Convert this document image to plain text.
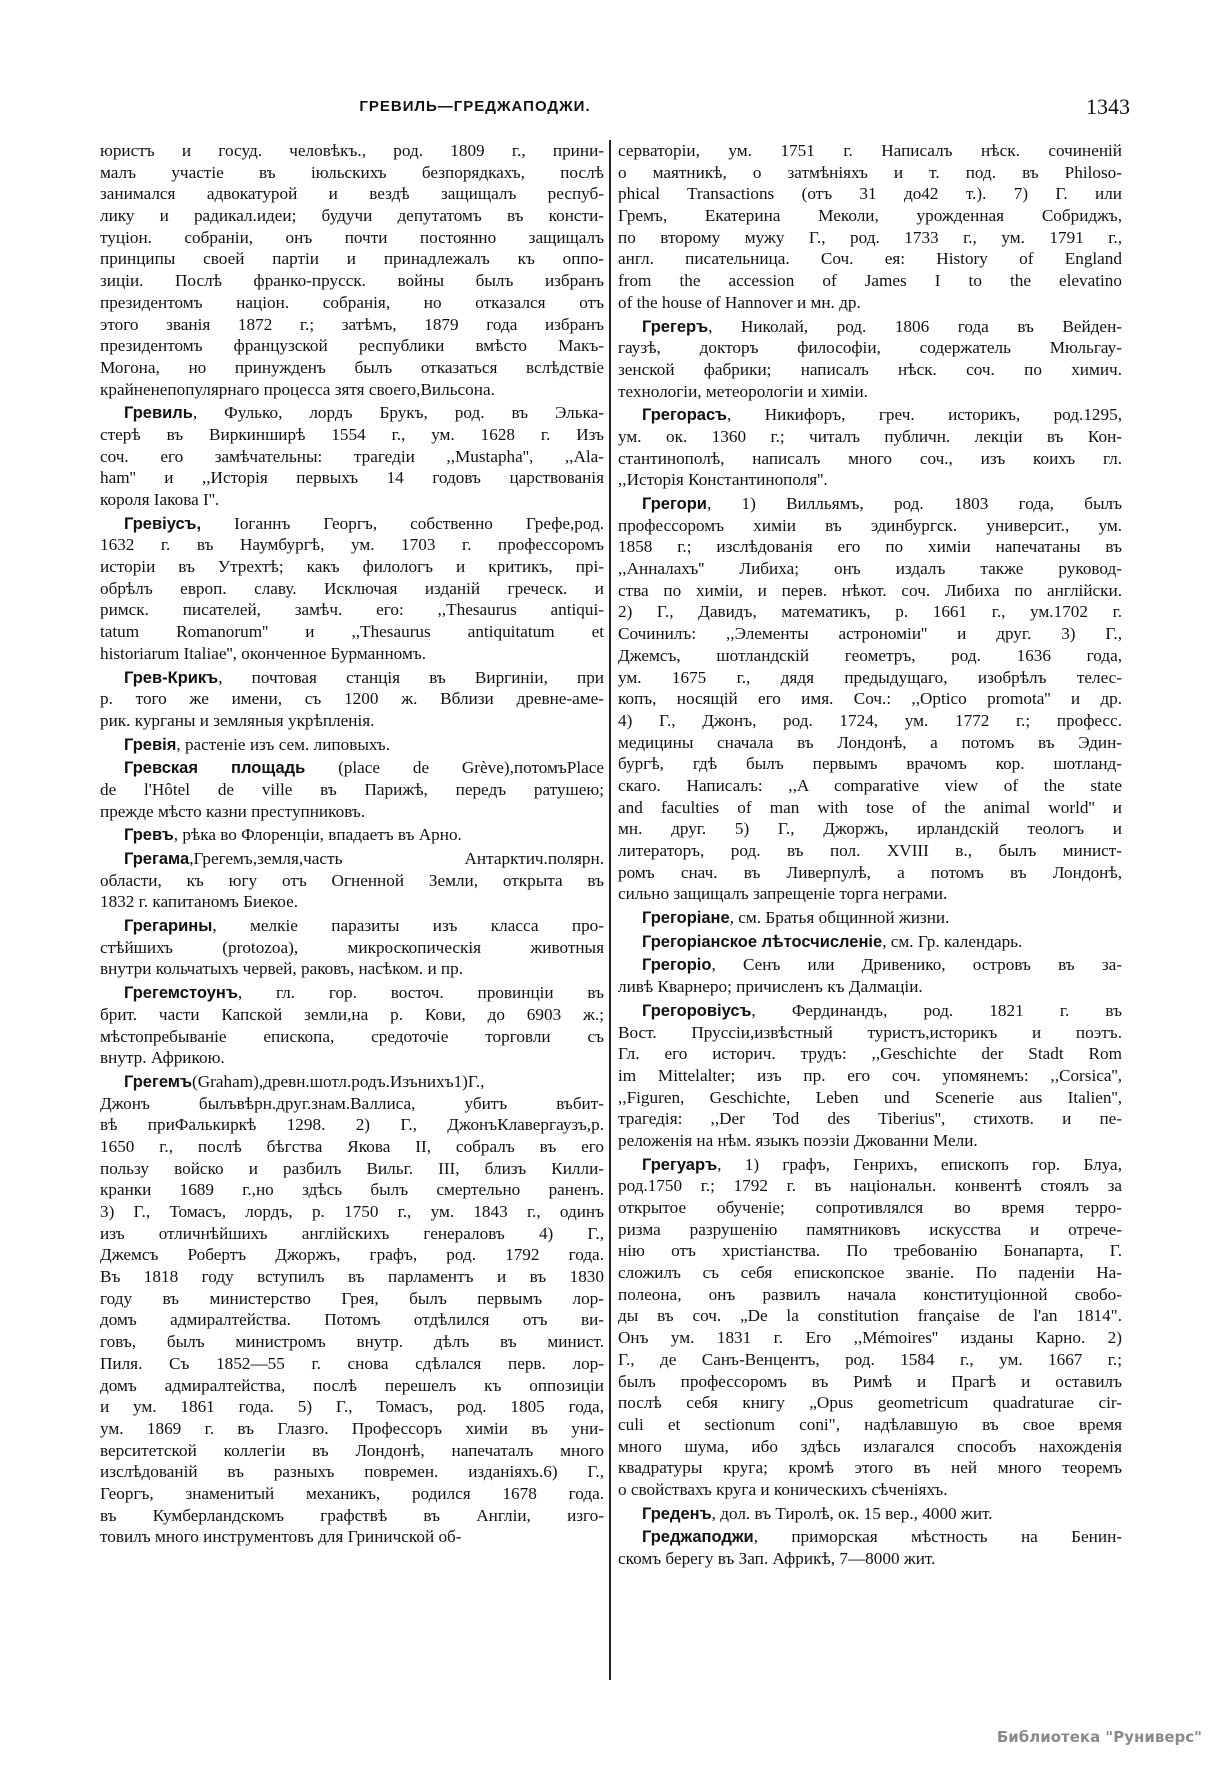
ГРЕВИЛЬ—ГРЕДЖАПОДЖИ.	1343
юристъ и госуд. человѣкъ., род. 1809 г., прини-
малъ участіе въ іюльскихъ безпорядкахъ, послѣ
занимался адвокатурой и вездѣ защищалъ респуб-
лику и радикал.идеи; будучи депутатомъ въ консти-
туціон. собраніи, онъ почти постоянно защищалъ
принципы своей партіи и принадлежалъ къ оппо-
зиціи. Послѣ франко-прусск. войны былъ избранъ
президентомъ націон. собранія, но отказался отъ
этого званія 1872 г.; затѣмъ, 1879 года избранъ
президентомъ французской республики вмѣсто Макъ-
Могона, но принужденъ былъ отказаться вслѣдствіе
крайненепопулярнаго процесса зятя своего,Вильсона.
Гревиль, Фулько, лордъ Брукъ, род. въ Элька-
стерѣ въ Виркинширѣ 1554 г., ум. 1628 г. Изъ
соч. его замѣчательны: трагедіи ,,Mustapha'', ,,Ala-
ham'' и ,,Исторія первыхъ 14 годовъ царствованія
короля Іакова I''.
Гревіусъ, Іоганнъ Георгъ, собственно Грефе,род.
1632 г. въ Наумбургѣ, ум. 1703 г. профессоромъ
исторіи въ Утрехтѣ; какъ филологъ и критикъ, прі-
обрѣлъ европ. славу. Исключая изданій греческ. и
римск. писателей, замѣч. его: ,,Thesaurus antiqui-
tatum Romanorum'' и ,,Thesaurus antiquitatum et
historiarum Italiae'', оконченное Бурманномъ.
Грев-Крикъ, почтовая станція въ Виргиніи, при
р. того же имени, съ 1200 ж. Вблизи древне-аме-
рик. курганы и земляныя укрѣпленія.
Гревія, растеніе изъ сем. липовыхъ.
Гревская площадь (place de Grève),потомъPlace
de l'Hôtel de ville въ Парижѣ, передъ ратушею;
прежде мѣсто казни преступниковъ.
Гревъ, рѣка во Флоренціи, впадаетъ въ Арно.
Грегама,Грегемъ,земля,часть Антарктич.полярн.
области, къ югу отъ Огненной Земли, открыта въ
1832 г. капитаномъ Биекое.
Грегарины, мелкіе паразиты изъ класса про-
стѣйшихъ (protozoa), микроскопическія животныя
внутри кольчатыхъ червей, раковъ, насѣком. и пр.
Грегемстоунъ, гл. гор. восточ. провинціи въ
брит. части Капской земли,на р. Кови, до 6903 ж.;
мѣстопребываніе епископа, средоточіе торговли съ
внутр. Африкою.
Грегемъ(Graham),древн.шотл.родъ.Изъниxъ1)Г.,
Джонъ былъвѣрн.друг.знам.Валлиса, убитъ въбит-
вѣ приФалькиркѣ 1298. 2) Г., ДжонъКлавергаузъ,р.
1650 г., послѣ бѣгства Якова II, собралъ въ его
пользу войско и разбилъ Вильг. III, близъ Килли-
кранки 1689 г.,но здѣсь былъ смертельно раненъ.
3) Г., Томасъ, лордъ, р. 1750 г., ум. 1843 г., одинъ
изъ отличнѣйшихъ англійскихъ генераловъ 4) Г.,
Джемсъ Робертъ Джоржъ, графъ, род. 1792 года.
Въ 1818 году вступилъ въ парламентъ и въ 1830
году въ министерство Грея, былъ первымъ лор-
домъ адмиралтейства. Потомъ отдѣлился отъ ви-
говъ, былъ министромъ внутр. дѣлъ въ минист.
Пиля. Съ 1852—55 г. снова сдѣлался перв. лор-
домъ адмиралтейства, послѣ перешелъ къ оппозиціи
и ум. 1861 года. 5) Г., Томасъ, род. 1805 года,
ум. 1869 г. въ Глазго. Профессоръ химіи въ уни-
верситетской коллегіи въ Лондонѣ, напечаталъ много
изслѣдованій въ разныхъ повремен. изданіяхъ.6) Г.,
Георгъ, знаменитый механикъ, родился 1678 года.
въ Кумберландскомъ графствѣ въ Англіи, изго-
товилъ много инструментовъ для Гриничской об-
серваторіи, ум. 1751 г. Написалъ нѣск. сочиненій
о маятникѣ, о затмѣніяхъ и т. под. въ Philoso-
phical Transactions (отъ 31 до42 т.). 7) Г. или
Гремъ, Екатерина Меколи, урожденная Собриджъ,
по второму мужу Г., род. 1733 г., ум. 1791 г.,
англ. писательница. Соч. ея: History of England
from the accession of James I to the elevatino
of the house of Hannover и мн. др.
Грегеръ, Николай, род. 1806 года въ Вейден-
гаузѣ, докторъ философіи, содержатель Мюльгау-
зенской фабрики; написалъ нѣск. соч. по химич.
технологіи, метеорологіи и химіи.
Грегорасъ, Никифоръ, греч. историкъ, род.1295,
ум. ок. 1360 г.; читалъ публичн. лекціи въ Кон-
стантинополѣ, написалъ много соч., изъ коихъ гл.
,,Исторія Константинополя''.
Грегори, 1) Вилльямъ, род. 1803 года, былъ
профессоромъ химіи въ эдинбургск. университ., ум.
1858 г.; изслѣдованія его по химіи напечатаны въ
,,Анналахъ'' Либиха; онъ издалъ также руковод-
ства по химіи, и перев. нѣкот. соч. Либиха по англійски.
2) Г., Давидъ, математикъ, р. 1661 г., ум.1702 г.
Сочинилъ: ,,Элементы астрономіи'' и друг. 3) Г.,
Джемсъ, шотландскій геометръ, род. 1636 года,
ум. 1675 г., дядя предыдущаго, изобрѣлъ телес-
копъ, носящій его имя. Соч.: ,,Optico promota'' и др.
4) Г., Джонъ, род. 1724, ум. 1772 г.; професс.
медицины сначала въ Лондонѣ, а потомъ въ Эдин-
бургѣ, гдѣ былъ первымъ врачомъ кор. шотланд-
скаго. Написалъ: ,,A comparative view of the state
and faculties of man with tose of the animal world'' и
мн. друг. 5) Г., Джоржъ, ирландскій теологъ и
литераторъ, род. въ пол. XVIII в., былъ минист-
ромъ снач. въ Ливерпулѣ, а потомъ въ Лондонѣ,
сильно защищалъ запрещеніе торга неграми.
Грегоріане, см. Братья общинной жизни.
Грегоріанское лѣтосчисленіе, см. Гр. календарь.
Грегоріо, Сенъ или Дривенико, островъ въ за-
ливѣ Кварнеро; причисленъ къ Далмаціи.
Грегоровіусъ, Фердинандъ, род. 1821 г. въ
Вост. Пруссіи,извѣстный туристъ,историкъ и поэтъ.
Гл. его историч. трудъ: ,,Geschichte der Stadt Rom
im Mittelalter; изъ пр. его соч. упомянемъ: ,,Corsica'',
,,Figuren, Geschichte, Leben und Scenerie aus Italien'',
трагедія: ,,Der Tod des Tiberius'', стихотв. и пе-
реложенія на нѣм. языкъ поэзіи Джованни Мели.
Грегуаръ, 1) графъ, Генрихъ, епископъ гор. Блуа,
род.1750 г.; 1792 г. въ національн. конвентѣ стоялъ за
открытое обученіе; сопротивлялся во время терро-
ризма разрушенію памятниковъ искусства и отрече-
нію отъ христіанства. По требованію Бонапарта, Г.
сложилъ съ себя епископское званіе. По паденіи На-
полеона, онъ развилъ начала конституціонной свобо-
ды въ соч. „De la constitution française de l'an 1814".
Онъ ум. 1831 г. Его ,,Mémoires'' изданы Карно. 2)
Г., де Санъ-Венцентъ, род. 1584 г., ум. 1667 г.;
былъ профессоромъ въ Римѣ и Прагѣ и оставилъ
послѣ себя книгу „Opus geometricum quadraturae cir-
culi et sectionum coni", надѣлавшую въ свое время
много шума, ибо здѣсь излагался способъ нахожденія
квадратуры круга; кромѣ этого въ ней много теоремъ
о свойствахъ круга и коническихъ сѣченіяхъ.
Греденъ, дол. въ Тиролѣ, ок. 15 вер., 4000 жит.
Греджаподжи, приморская мѣстность на Бенин-
скомъ берегу въ Зап. Африкѣ, 7—8000 жит.
Библиотека "Руниверс"
